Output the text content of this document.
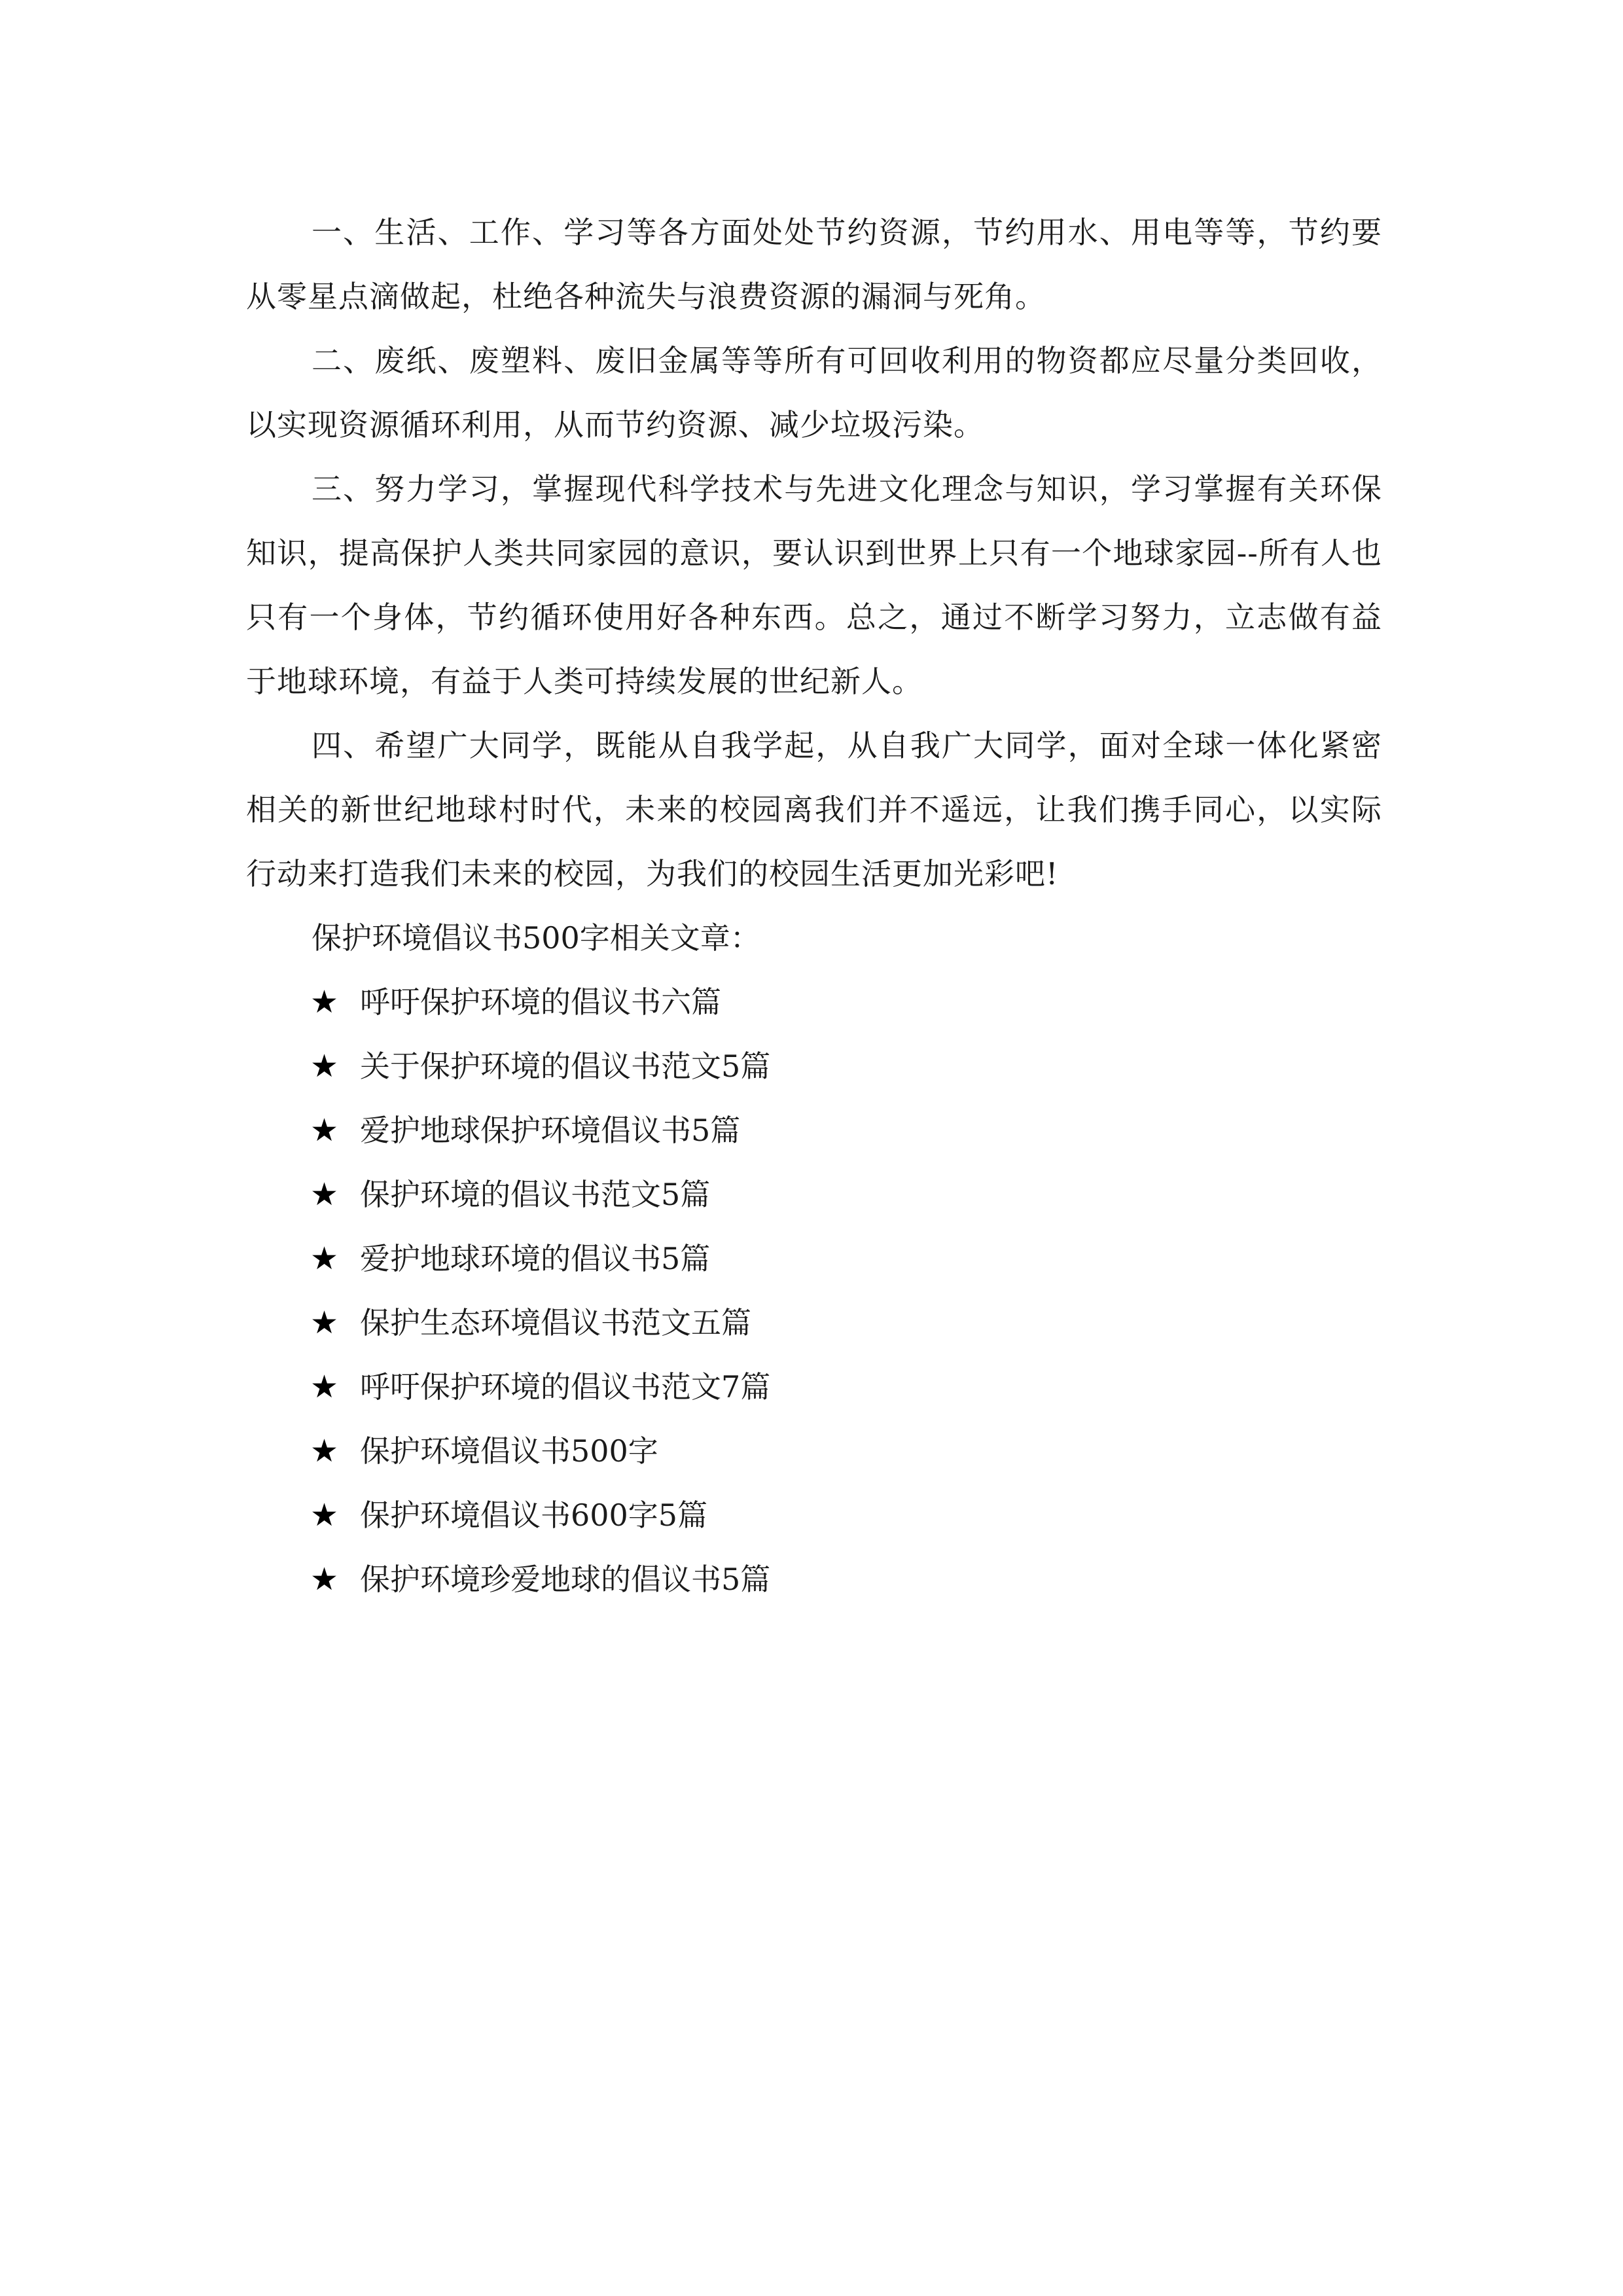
一、生活、工作、学习等各方面处处节约资源，节约用水、用电等等，节约要从零星点滴做起，杜绝各种流失与浪费资源的漏洞与死角。

二、废纸、废塑料、废旧金属等等所有可回收利用的物资都应尽量分类回收，以实现资源循环利用，从而节约资源、减少垃圾污染。

三、努力学习，掌握现代科学技术与先进文化理念与知识，学习掌握有关环保知识，提高保护人类共同家园的意识，要认识到世界上只有一个地球家园--所有人也只有一个身体，节约循环使用好各种东西。总之，通过不断学习努力，立志做有益于地球环境，有益于人类可持续发展的世纪新人。

四、希望广大同学，既能从自我学起，从自我广大同学，面对全球一体化紧密相关的新世纪地球村时代，未来的校园离我们并不遥远，让我们携手同心，以实际行动来打造我们未来的校园，为我们的校园生活更加光彩吧!

保护环境倡议书500字相关文章：

★ 呼吁保护环境的倡议书六篇
★ 关于保护环境的倡议书范文5篇
★ 爱护地球保护环境倡议书5篇
★ 保护环境的倡议书范文5篇
★ 爱护地球环境的倡议书5篇
★ 保护生态环境倡议书范文五篇
★ 呼吁保护环境的倡议书范文7篇
★ 保护环境倡议书500字
★ 保护环境倡议书600字5篇
★ 保护环境珍爱地球的倡议书5篇
